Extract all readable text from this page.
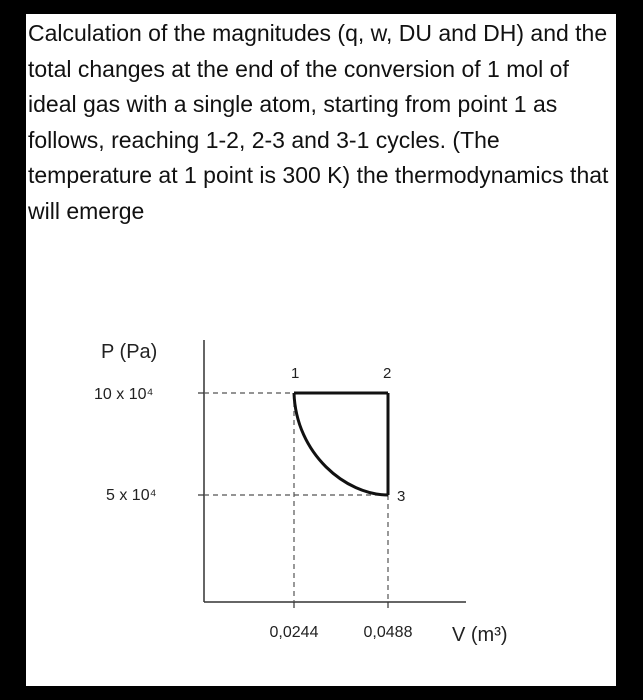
Calculation of the magnitudes (q, w, DU and DH) and the total changes at the end of the conversion of 1 mol of ideal gas with a single atom, starting from point 1 as follows, reaching 1-2, 2-3 and 3-1 cycles. (The temperature at 1 point is 300 K) the thermodynamics that will emerge

P (Pa)
V (m³)
10 x 10⁴
5 x 10⁴
0,0244	0,0488
1	2
3
